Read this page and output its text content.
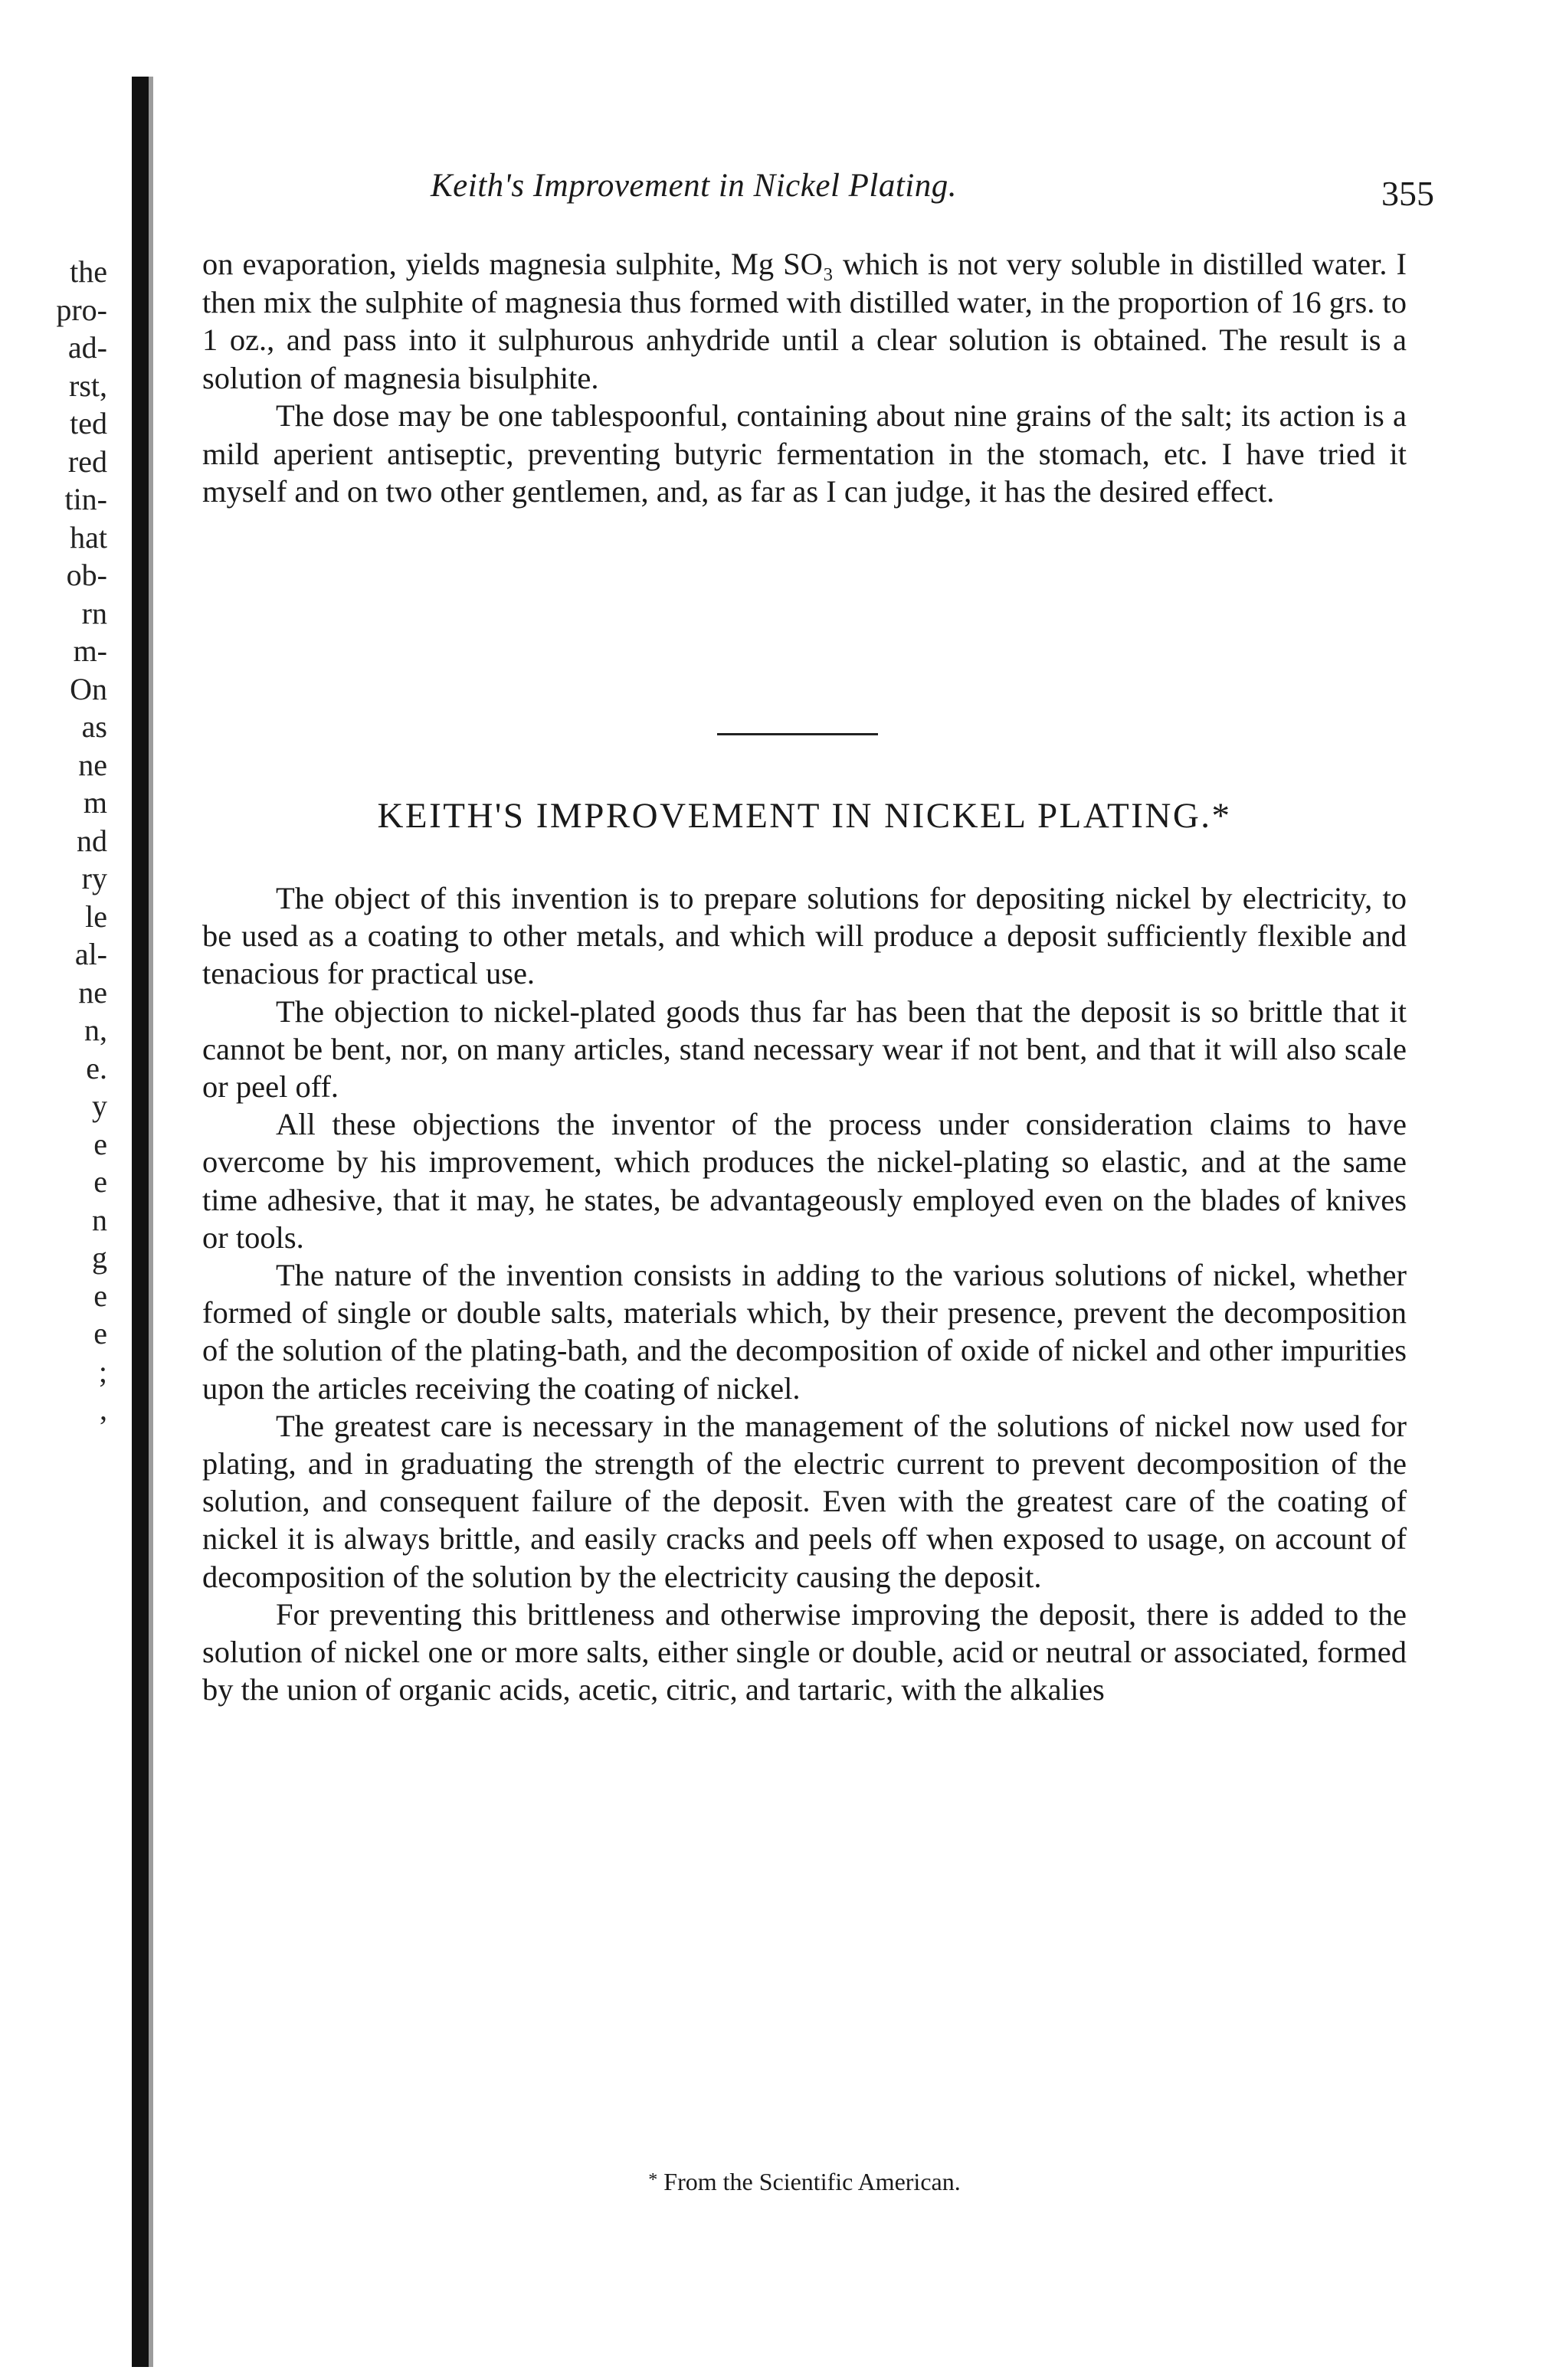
the
pro-
ad-
rst,
ted
red
tin-
hat
ob-
rn
m-
On
as
ne
m
nd
ry
le
al-
ne
n,
e.
y
e
e
n
g
e
e
;
,
Keith's Improvement in Nickel Plating.	355

on evaporation, yields magnesia sulphite, Mg SO₃ which is not very soluble in distilled water. I then mix the sulphite of magnesia thus formed with distilled water, in the proportion of 16 grs. to 1 oz., and pass into it sulphurous anhydride until a clear solution is obtained. The result is a solution of magnesia bisulphite.

The dose may be one tablespoonful, containing about nine grains of the salt; its action is a mild aperient antiseptic, preventing butyric fermentation in the stomach, etc. I have tried it myself and on two other gentlemen, and, as far as I can judge, it has the desired effect.

KEITH'S IMPROVEMENT IN NICKEL PLATING.*

The object of this invention is to prepare solutions for depositing nickel by electricity, to be used as a coating to other metals, and which will produce a deposit sufficiently flexible and tenacious for practical use.

The objection to nickel-plated goods thus far has been that the deposit is so brittle that it cannot be bent, nor, on many articles, stand necessary wear if not bent, and that it will also scale or peel off.

All these objections the inventor of the process under consideration claims to have overcome by his improvement, which produces the nickel-plating so elastic, and at the same time adhesive, that it may, he states, be advantageously employed even on the blades of knives or tools.

The nature of the invention consists in adding to the various solutions of nickel, whether formed of single or double salts, materials which, by their presence, prevent the decomposition of the solution of the plating-bath, and the decomposition of oxide of nickel and other impurities upon the articles receiving the coating of nickel.

The greatest care is necessary in the management of the solutions of nickel now used for plating, and in graduating the strength of the electric current to prevent decomposition of the solution, and consequent failure of the deposit. Even with the greatest care of the coating of nickel it is always brittle, and easily cracks and peels off when exposed to usage, on account of decomposition of the solution by the electricity causing the deposit.

For preventing this brittleness and otherwise improving the deposit, there is added to the solution of nickel one or more salts, either single or double, acid or neutral or associated, formed by the union of organic acids, acetic, citric, and tartaric, with the alkalies

* From the Scientific American.
